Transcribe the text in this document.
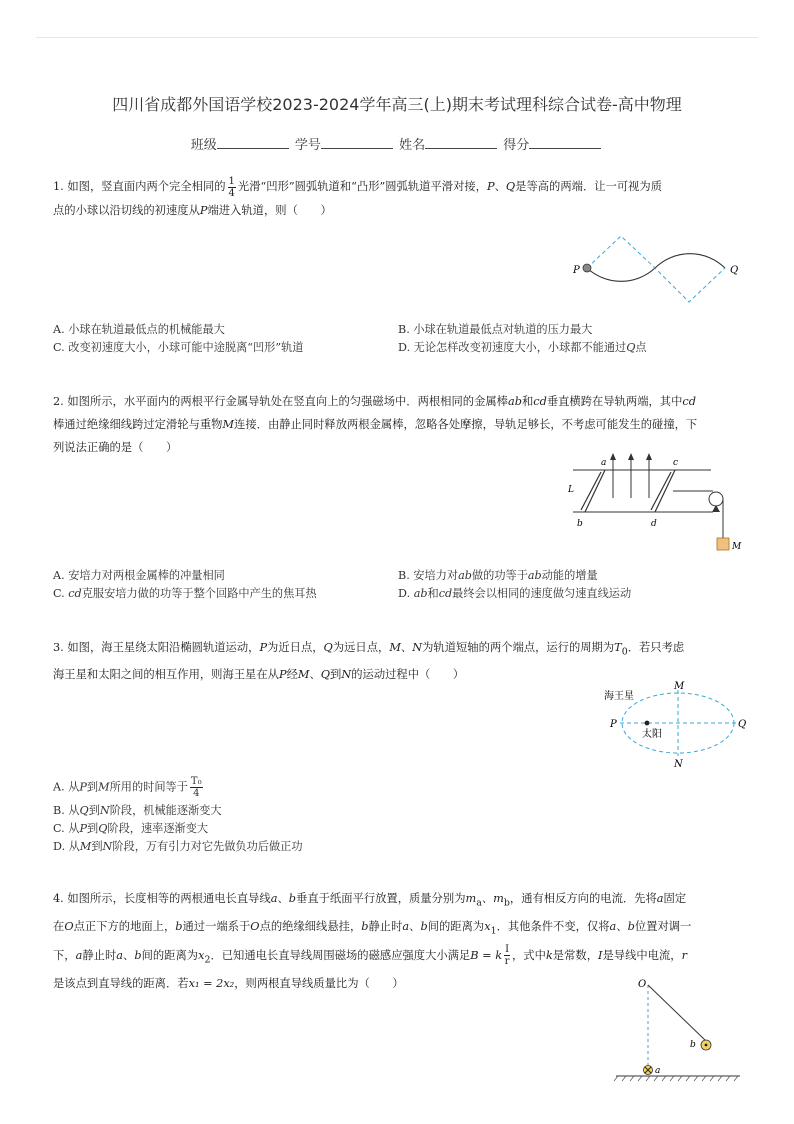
四川省成都外国语学校2023-2024学年高三(上)期末考试理科综合试卷-高中物理
班级	学号	姓名	得分
1. 如图，竖直面内两个完全相同的 $\frac{1}{4}$ 光滑“凹形”圆弧轨道和“凸形”圆弧轨道平滑对接，P、Q是等高的两端．让一可视为质
点的小球以沿切线的初速度从P端进入轨道，则（　　）
P	Q
A. 小球在轨道最低点的机械能最大	B. 小球在轨道最低点对轨道的压力最大
C. 改变初速度大小，小球可能中途脱离“凹形”轨道	D. 无论怎样改变初速度大小，小球都不能通过Q点
2. 如图所示，水平面内的两根平行金属导轨处在竖直向上的匀强磁场中．两根相同的金属棒ab和cd垂直横跨在导轨两端，其中cd
棒通过绝缘细线跨过定滑轮与重物M连接．由静止同时释放两根金属棒，忽略各处摩擦，导轨足够长，不考虑可能发生的碰撞，下
列说法正确的是（　　）
a
b
c
d
L
M
A. 安培力对两根金属棒的冲量相同	B. 安培力对ab做的功等于ab动能的增量
C. cd克服安培力做的功等于整个回路中产生的焦耳热	D. ab和cd最终会以相同的速度做匀速直线运动
3. 如图，海王星绕太阳沿椭圆轨道运动，P为近日点，Q为远日点，M、N为轨道短轴的两个端点，运行的周期为$T_0$．若只考虑
海王星和太阳之间的相互作用，则海王星在从P经M、Q到N的运动过程中（　　）
海王星
太阳
M
N
P	Q
A. 从P到M所用的时间等于 $\frac{\text{T₀}}{4}$
B. 从Q到N阶段，机械能逐渐变大
C. 从P到Q阶段，速率逐渐变大
D. 从M到N阶段，万有引力对它先做负功后做正功
4. 如图所示，长度相等的两根通电长直导线a、b垂直于纸面平行放置，质量分别为$m_a$、$m_b$，通有相反方向的电流．先将a固定
在O点正下方的地面上，b通过一端系于O点的绝缘细线悬挂，b静止时a、b间的距离为$x_1$．其他条件不变，仅将a、b位置对调一
下，a静止时a、b间的距离为$x_2$．已知通电长直导线周围磁场的磁感应强度大小满足B = k $\frac{I}{r}$ ，式中k是常数，I是导线中电流，r
是该点到直导线的距离．若x₁ = 2x₂，则两根直导线质量比为（　　）	O
a
b
